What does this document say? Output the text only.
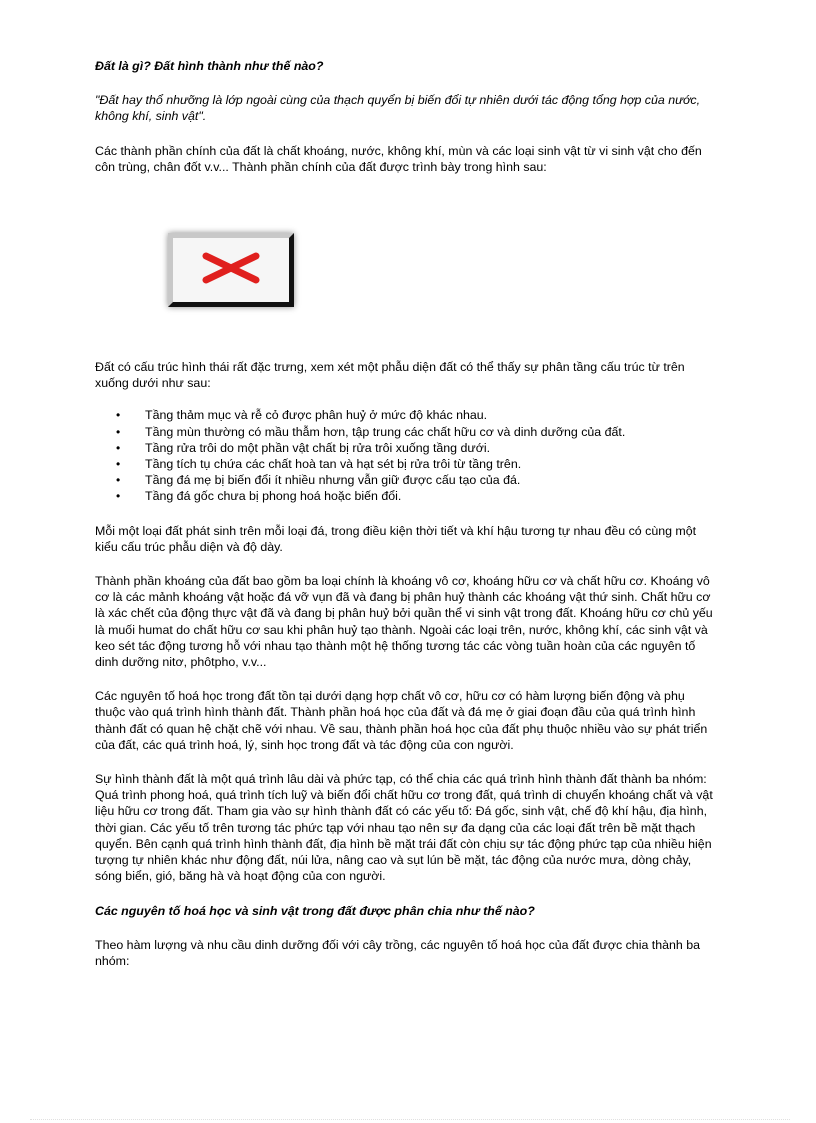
Đất là gì? Đất hình thành như thế nào?

"Đất hay thổ nhưỡng là lớp ngoài cùng của thạch quyển bị biến đổi tự nhiên dưới tác động tổng hợp của nước, không khí, sinh vật".

Các thành phần chính của đất là chất khoáng, nước, không khí, mùn và các loại sinh vật từ vi sinh vật cho đến côn trùng, chân đốt v.v... Thành phần chính của đất được trình bày trong hình sau:

Đất có cấu trúc hình thái rất đặc trưng, xem xét một phẫu diện đất có thể thấy sự phân tầng cấu trúc từ trên xuống dưới như sau:

• Tầng thảm mục và rễ cỏ được phân huỷ ở mức độ khác nhau.
• Tầng mùn thường có mầu thẫm hơn, tập trung các chất hữu cơ và dinh dưỡng của đất.
• Tầng rửa trôi do một phần vật chất bị rửa trôi xuống tầng dưới.
• Tầng tích tụ chứa các chất hoà tan và hạt sét bị rửa trôi từ tầng trên.
• Tầng đá mẹ bị biến đổi ít nhiều nhưng vẫn giữ được cấu tạo của đá.
• Tầng đá gốc chưa bị phong hoá hoặc biến đổi.

Mỗi một loại đất phát sinh trên mỗi loại đá, trong điều kiện thời tiết và khí hậu tương tự nhau đều có cùng một kiểu cấu trúc phẫu diện và độ dày.

Thành phần khoáng của đất bao gồm ba loại chính là khoáng vô cơ, khoáng hữu cơ và chất hữu cơ. Khoáng vô cơ là các mảnh khoáng vật hoặc đá vỡ vụn đã và đang bị phân huỷ thành các khoáng vật thứ sinh. Chất hữu cơ là xác chết của động thực vật đã và đang bị phân huỷ bởi quần thể vi sinh vật trong đất. Khoáng hữu cơ chủ yếu là muối humat do chất hữu cơ sau khi phân huỷ tạo thành. Ngoài các loại trên, nước, không khí, các sinh vật và keo sét tác động tương hỗ với nhau tạo thành một hệ thống tương tác các vòng tuần hoàn của các nguyên tố dinh dưỡng nitơ, phôtpho, v.v...

Các nguyên tố hoá học trong đất tồn tại dưới dạng hợp chất vô cơ, hữu cơ có hàm lượng biến động và phụ thuộc vào quá trình hình thành đất. Thành phần hoá học của đất và đá mẹ ở giai đoạn đầu của quá trình hình thành đất có quan hệ chặt chẽ với nhau. Về sau, thành phần hoá học của đất phụ thuộc nhiều vào sự phát triển của đất, các quá trình hoá, lý, sinh học trong đất và tác động của con người.

Sự hình thành đất là một quá trình lâu dài và phức tạp, có thể chia các quá trình hình thành đất thành ba nhóm: Quá trình phong hoá, quá trình tích luỹ và biến đổi chất hữu cơ trong đất, quá trình di chuyển khoáng chất và vật liệu hữu cơ trong đất. Tham gia vào sự hình thành đất có các yếu tố: Đá gốc, sinh vật, chế độ khí hậu, địa hình, thời gian. Các yếu tố trên tương tác phức tạp với nhau tạo nên sự đa dạng của các loại đất trên bề mặt thạch quyển. Bên cạnh quá trình hình thành đất, địa hình bề mặt trái đất còn chịu sự tác động phức tạp của nhiều hiện tượng tự nhiên khác như động đất, núi lửa, nâng cao và sụt lún bề mặt, tác động của nước mưa, dòng chảy, sóng biển, gió, băng hà và hoạt động của con người.

Các nguyên tố hoá học và sinh vật trong đất được phân chia như thế nào?

Theo hàm lượng và nhu cầu dinh dưỡng đối với cây trồng, các nguyên tố hoá học của đất được chia thành ba nhóm:
